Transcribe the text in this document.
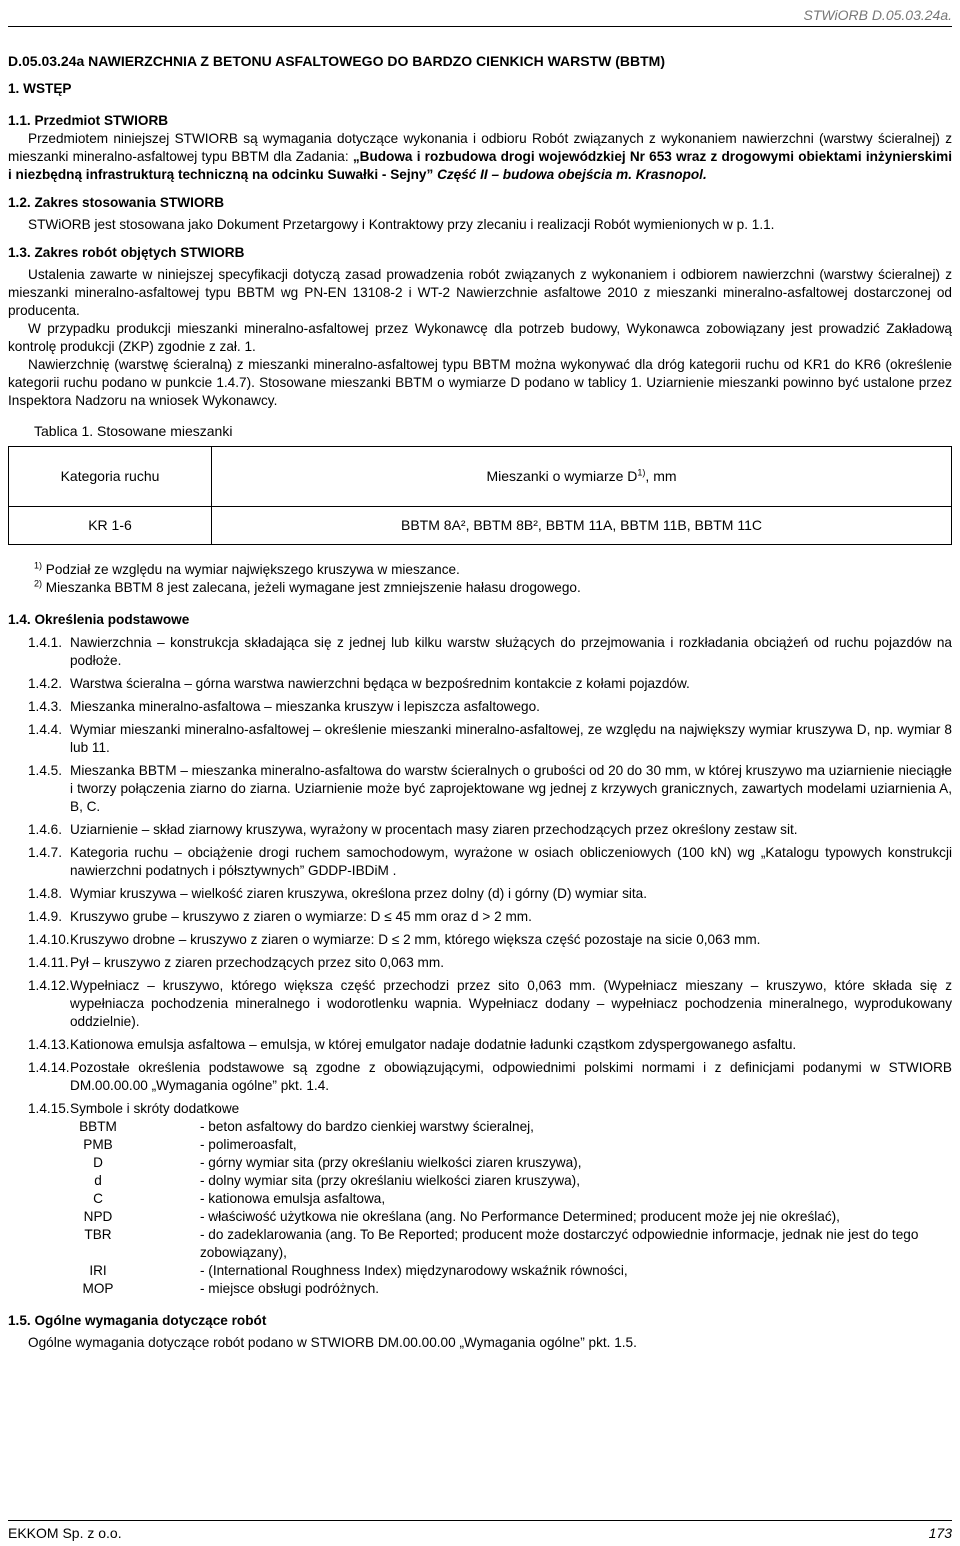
STWiORB D.05.03.24a.

D.05.03.24a NAWIERZCHNIA Z BETONU ASFALTOWEGO DO BARDZO CIENKICH WARSTW (BBTM)

1. WSTĘP

1.1. Przedmiot STWIORB

Przedmiotem niniejszej STWIORB są wymagania dotyczące wykonania i odbioru Robót związanych z wykonaniem nawierzchni (warstwy ścieralnej) z mieszanki mineralno-asfaltowej typu BBTM dla Zadania: „Budowa i rozbudowa drogi wojewódzkiej Nr 653 wraz z drogowymi obiektami inżynierskimi i niezbędną infrastrukturą techniczną na odcinku Suwałki - Sejny” Część II – budowa obejścia m. Krasnopol.

1.2. Zakres stosowania STWIORB

STWiORB jest stosowana jako Dokument Przetargowy i Kontraktowy przy zlecaniu i realizacji Robót wymienionych w p. 1.1.

1.3. Zakres robót objętych STWIORB

Ustalenia zawarte w niniejszej specyfikacji dotyczą zasad prowadzenia robót związanych z wykonaniem i odbiorem nawierzchni (warstwy ścieralnej) z mieszanki mineralno-asfaltowej typu BBTM wg PN-EN 13108-2 i WT-2 Nawierzchnie asfaltowe 2010 z mieszanki mineralno-asfaltowej dostarczonej od producenta.

W przypadku produkcji mieszanki mineralno-asfaltowej przez Wykonawcę dla potrzeb budowy, Wykonawca zobowiązany jest prowadzić Zakładową kontrolę produkcji (ZKP) zgodnie z zał. 1.

Nawierzchnię (warstwę ścieralną) z mieszanki mineralno-asfaltowej typu BBTM można wykonywać dla dróg kategorii ruchu od KR1 do KR6 (określenie kategorii ruchu podano w punkcie 1.4.7). Stosowane mieszanki BBTM o wymiarze D podano w tablicy 1. Uziarnienie mieszanki powinno być ustalone przez Inspektora Nadzoru na wniosek Wykonawcy.

Tablica 1. Stosowane mieszanki

Kategoria ruchu	Mieszanki o wymiarze $D^{1)}$, mm
KR 1-6	BBTM 8A², BBTM 8B², BBTM 11A, BBTM 11B, BBTM 11C

$^{1)}$ Podział ze względu na wymiar największego kruszywa w mieszance.

$^{2)}$ Mieszanka BBTM 8 jest zalecana, jeżeli wymagane jest zmniejszenie hałasu drogowego.

1.4. Określenia podstawowe

1.4.1. Nawierzchnia – konstrukcja składająca się z jednej lub kilku warstw służących do przejmowania i rozkładania obciążeń od ruchu pojazdów na podłoże.
1.4.2. Warstwa ścieralna – górna warstwa nawierzchni będąca w bezpośrednim kontakcie z kołami pojazdów.
1.4.3. Mieszanka mineralno-asfaltowa – mieszanka kruszyw i lepiszcza asfaltowego.
1.4.4. Wymiar mieszanki mineralno-asfaltowej – określenie mieszanki mineralno-asfaltowej, ze względu na największy wymiar kruszywa D, np. wymiar 8 lub 11.
1.4.5. Mieszanka BBTM – mieszanka mineralno-asfaltowa do warstw ścieralnych o grubości od 20 do 30 mm, w której kruszywo ma uziarnienie nieciągłe i tworzy połączenia ziarno do ziarna. Uziarnienie może być zaprojektowane wg jednej z krzywych granicznych, zawartych modelami uziarnienia A, B, C.
1.4.6. Uziarnienie – skład ziarnowy kruszywa, wyrażony w procentach masy ziaren przechodzących przez określony zestaw sit.
1.4.7. Kategoria ruchu – obciążenie drogi ruchem samochodowym, wyrażone w osiach obliczeniowych (100 kN) wg „Katalogu typowych konstrukcji nawierzchni podatnych i półsztywnych” GDDP-IBDiM .
1.4.8. Wymiar kruszywa – wielkość ziaren kruszywa, określona przez dolny (d) i górny (D) wymiar sita.
1.4.9. Kruszywo grube – kruszywo z ziaren o wymiarze: D ≤ 45 mm oraz d > 2 mm.
1.4.10. Kruszywo drobne – kruszywo z ziaren o wymiarze: D ≤ 2 mm, którego większa część pozostaje na sicie 0,063 mm.
1.4.11. Pył – kruszywo z ziaren przechodzących przez sito 0,063 mm.
1.4.12. Wypełniacz – kruszywo, którego większa część przechodzi przez sito 0,063 mm. (Wypełniacz mieszany – kruszywo, które składa się z wypełniacza pochodzenia mineralnego i wodorotlenku wapnia. Wypełniacz dodany – wypełniacz pochodzenia mineralnego, wyprodukowany oddzielnie).
1.4.13. Kationowa emulsja asfaltowa – emulsja, w której emulgator nadaje dodatnie ładunki cząstkom zdyspergowanego asfaltu.
1.4.14. Pozostałe określenia podstawowe są zgodne z obowiązującymi, odpowiednimi polskimi normami i z definicjami podanymi w STWIORB DM.00.00.00 „Wymagania ogólne” pkt. 1.4.
1.4.15. Symbole i skróty dodatkowe
BBTM	- beton asfaltowy do bardzo cienkiej warstwy ścieralnej,
PMB	- polimeroasfalt,
D	- górny wymiar sita (przy określaniu wielkości ziaren kruszywa),
d	- dolny wymiar sita (przy określaniu wielkości ziaren kruszywa),
C	- kationowa emulsja asfaltowa,
NPD	- właściwość użytkowa nie określana (ang. No Performance Determined; producent może jej nie określać),
TBR	- do zadeklarowania (ang. To Be Reported; producent może dostarczyć odpowiednie informacje, jednak nie jest do tego zobowiązany),
IRI	- (International Roughness Index) międzynarodowy wskaźnik równości,
MOP	- miejsce obsługi podróżnych.

1.5. Ogólne wymagania dotyczące robót

Ogólne wymagania dotyczące robót podano w STWIORB DM.00.00.00 „Wymagania ogólne” pkt. 1.5.

EKKOM Sp. z o.o.	173
